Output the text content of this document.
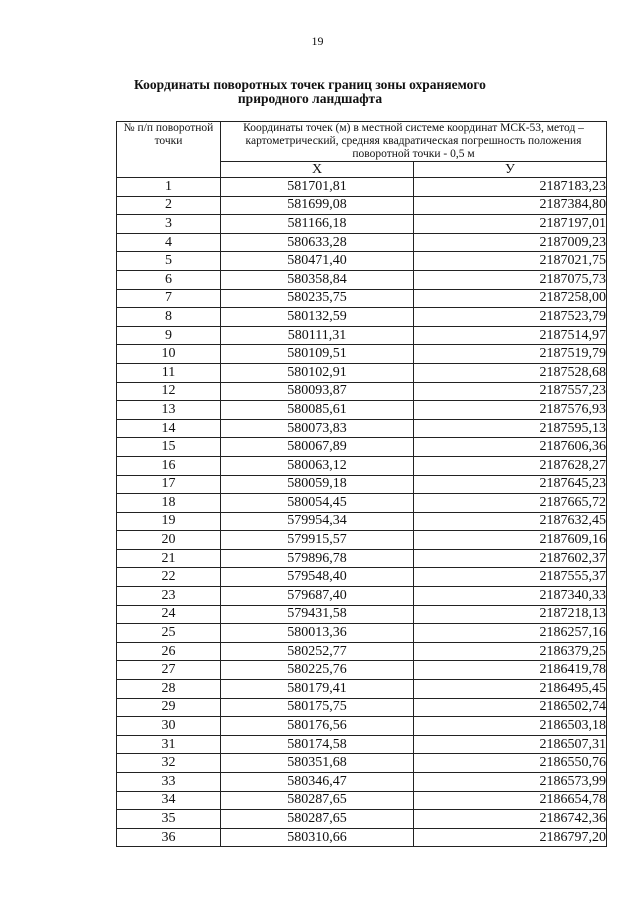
19
Координаты поворотных точек границ зоны охраняемого природного ландшафта
№ п/п поворотной точки	Координаты точек (м) в местной системе координат МСК-53, метод – картометрический, средняя квадратическая погрешность положения поворотной точки - 0,5 м	
	X	У
1	581701,81	2187183,23
2	581699,08	2187384,80
3	581166,18	2187197,01
4	580633,28	2187009,23
5	580471,40	2187021,75
6	580358,84	2187075,73
7	580235,75	2187258,00
8	580132,59	2187523,79
9	580111,31	2187514,97
10	580109,51	2187519,79
11	580102,91	2187528,68
12	580093,87	2187557,23
13	580085,61	2187576,93
14	580073,83	2187595,13
15	580067,89	2187606,36
16	580063,12	2187628,27
17	580059,18	2187645,23
18	580054,45	2187665,72
19	579954,34	2187632,45
20	579915,57	2187609,16
21	579896,78	2187602,37
22	579548,40	2187555,37
23	579687,40	2187340,33
24	579431,58	2187218,13
25	580013,36	2186257,16
26	580252,77	2186379,25
27	580225,76	2186419,78
28	580179,41	2186495,45
29	580175,75	2186502,74
30	580176,56	2186503,18
31	580174,58	2186507,31
32	580351,68	2186550,76
33	580346,47	2186573,99
34	580287,65	2186654,78
35	580287,65	2186742,36
36	580310,66	2186797,20
